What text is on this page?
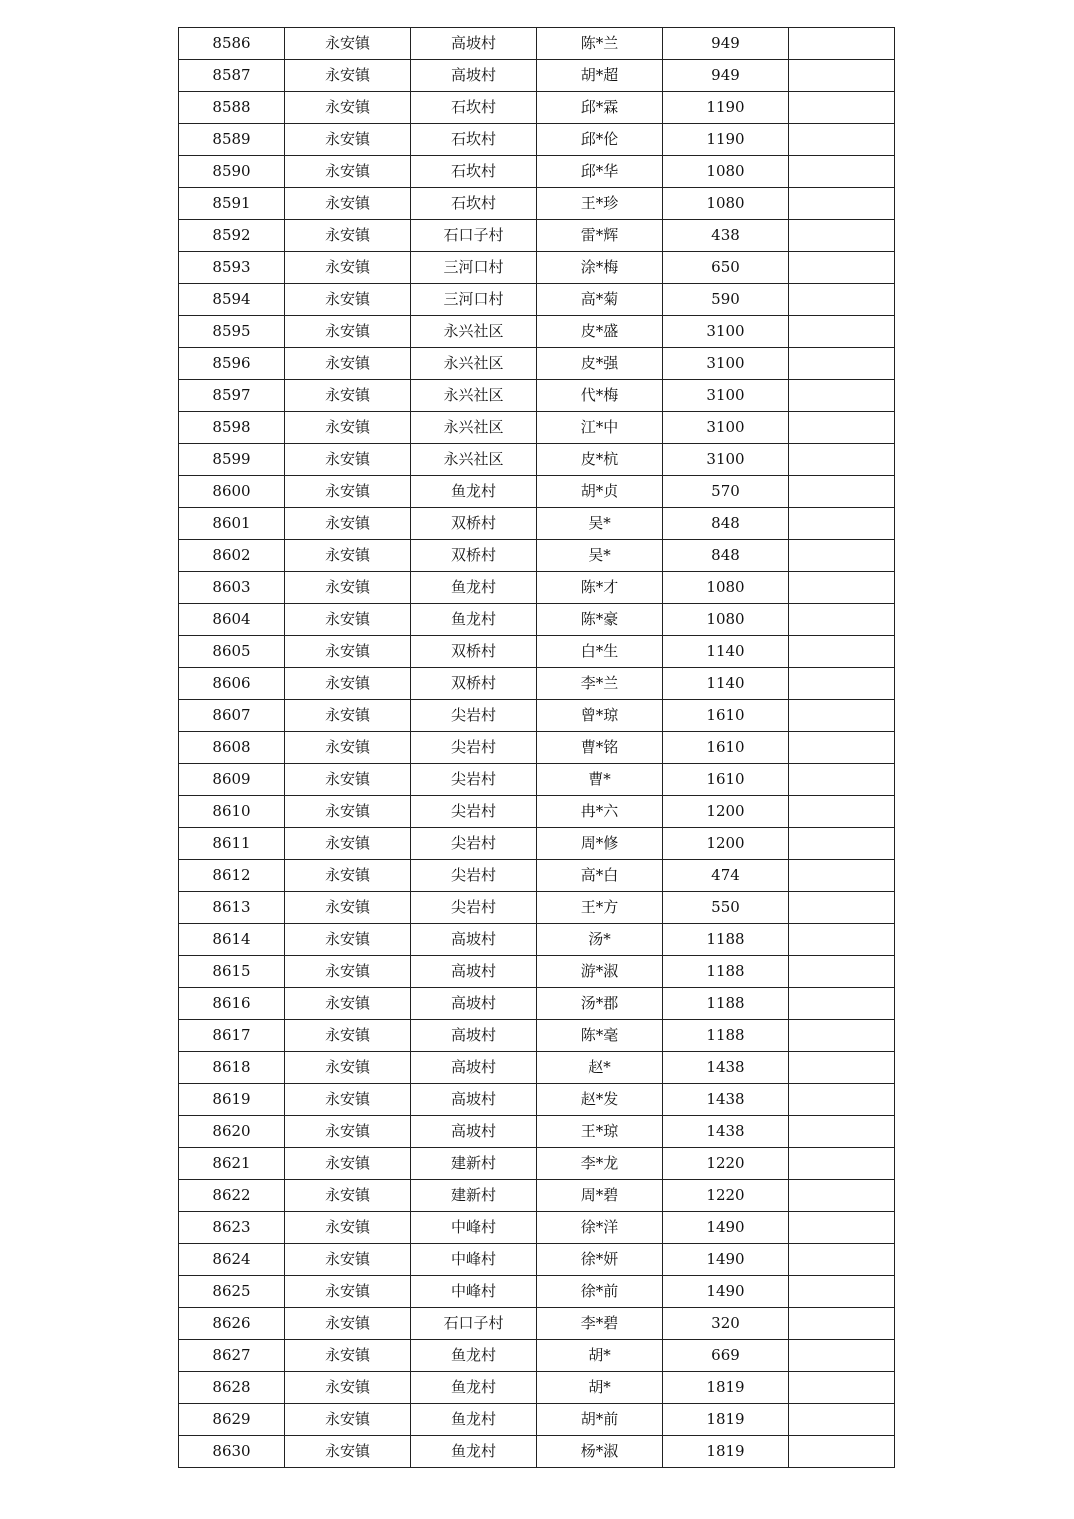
8586	永安镇	高坡村	陈*兰	949	
8587	永安镇	高坡村	胡*超	949	
8588	永安镇	石坎村	邱*霖	1190	
8589	永安镇	石坎村	邱*伦	1190	
8590	永安镇	石坎村	邱*华	1080	
8591	永安镇	石坎村	王*珍	1080	
8592	永安镇	石口子村	雷*辉	438	
8593	永安镇	三河口村	涂*梅	650	
8594	永安镇	三河口村	高*菊	590	
8595	永安镇	永兴社区	皮*盛	3100	
8596	永安镇	永兴社区	皮*强	3100	
8597	永安镇	永兴社区	代*梅	3100	
8598	永安镇	永兴社区	江*中	3100	
8599	永安镇	永兴社区	皮*杭	3100	
8600	永安镇	鱼龙村	胡*贞	570	
8601	永安镇	双桥村	吴*	848	
8602	永安镇	双桥村	吴*	848	
8603	永安镇	鱼龙村	陈*才	1080	
8604	永安镇	鱼龙村	陈*豪	1080	
8605	永安镇	双桥村	白*生	1140	
8606	永安镇	双桥村	李*兰	1140	
8607	永安镇	尖岩村	曾*琼	1610	
8608	永安镇	尖岩村	曹*铭	1610	
8609	永安镇	尖岩村	曹*	1610	
8610	永安镇	尖岩村	冉*六	1200	
8611	永安镇	尖岩村	周*修	1200	
8612	永安镇	尖岩村	高*白	474	
8613	永安镇	尖岩村	王*方	550	
8614	永安镇	高坡村	汤*	1188	
8615	永安镇	高坡村	游*淑	1188	
8616	永安镇	高坡村	汤*郡	1188	
8617	永安镇	高坡村	陈*毫	1188	
8618	永安镇	高坡村	赵*	1438	
8619	永安镇	高坡村	赵*发	1438	
8620	永安镇	高坡村	王*琼	1438	
8621	永安镇	建新村	李*龙	1220	
8622	永安镇	建新村	周*碧	1220	
8623	永安镇	中峰村	徐*洋	1490	
8624	永安镇	中峰村	徐*妍	1490	
8625	永安镇	中峰村	徐*前	1490	
8626	永安镇	石口子村	李*碧	320	
8627	永安镇	鱼龙村	胡*	669	
8628	永安镇	鱼龙村	胡*	1819	
8629	永安镇	鱼龙村	胡*前	1819	
8630	永安镇	鱼龙村	杨*淑	1819	
